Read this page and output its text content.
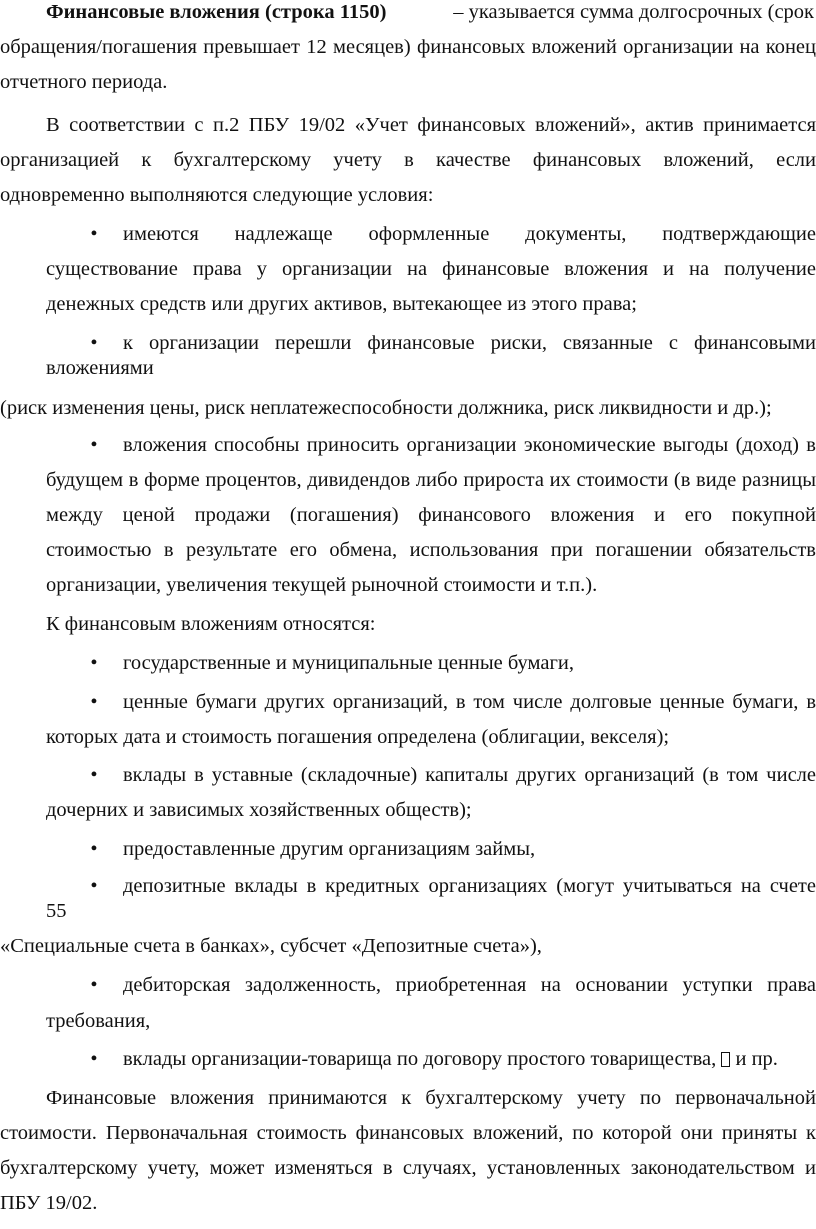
Финансовые вложения (строка 1150)	– указывается сумма долгосрочных (срок
обращения/погашения превышает 12 месяцев) финансовых вложений организации на конец
отчетного периода.
В соответствии с п.2 ПБУ 19/02 «Учет финансовых вложений», актив принимается
организацией к бухгалтерскому учету в качестве финансовых вложений, если
одновременно выполняются следующие условия:
• имеются надлежаще оформленные документы, подтверждающие
существование права у организации на финансовые вложения и на получение
денежных средств или других активов, вытекающее из этого права;
• к организации перешли финансовые риски, связанные с финансовыми
вложениями
(риск изменения цены, риск неплатежеспособности должника, риск ликвидности и др.);
• вложения способны приносить организации экономические выгоды (доход) в
будущем в форме процентов, дивидендов либо прироста их стоимости (в виде разницы
между ценой продажи (погашения) финансового вложения и его покупной
стоимостью в результате его обмена, использования при погашении обязательств
организации, увеличения текущей рыночной стоимости и т.п.).
К финансовым вложениям относятся:
• государственные и муниципальные ценные бумаги,
• ценные бумаги других организаций, в том числе долговые ценные бумаги, в
которых дата и стоимость погашения определена (облигации, векселя);
• вклады в уставные (складочные) капиталы других организаций (в том числе
дочерних и зависимых хозяйственных обществ);
• предоставленные другим организациям займы,
• депозитные вклады в кредитных организациях (могут учитываться на счете
55
«Специальные счета в банках», субсчет «Депозитные счета»),
• дебиторская задолженность, приобретенная на основании уступки права
требования,
• вклады организации-товарища по договору простого товарищества,  и пр.
Финансовые вложения принимаются к бухгалтерскому учету по первоначальной
стоимости. Первоначальная стоимость финансовых вложений, по которой они приняты к
бухгалтерскому учету, может изменяться в случаях, установленных законодательством и
ПБУ 19/02.
